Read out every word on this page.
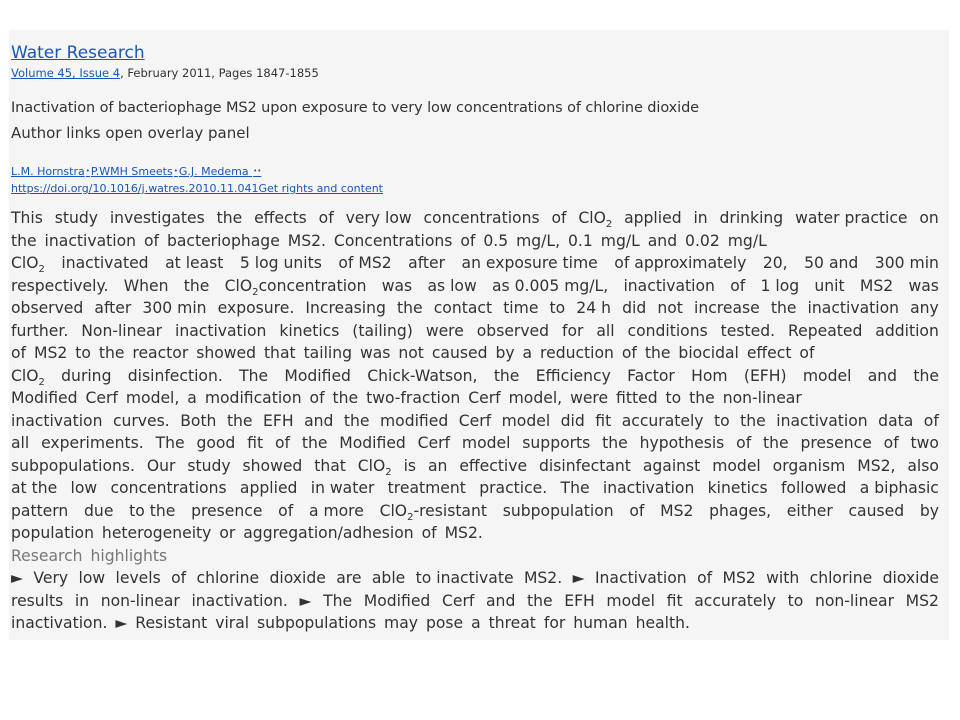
Water Research
Volume 45, Issue 4, February 2011, Pages 1847-1855
Inactivation of bacteriophage MS2 upon exposure to very low concentrations of chlorine dioxide
Author links open overlay panel
L.M. Hornstra•P.WMH Smeets•G.J. Medema ••
https://doi.org/10.1016/j.watres.2010.11.041Get rights and content
This study investigates the effects of very low concentrations of ClO$_2$ applied in drinking water practice on
the inactivation of bacteriophage MS2. Concentrations of 0.5 mg/L, 0.1 mg/L and 0.02 mg/L
ClO$_2$ inactivated at least 5 log units of MS2 after an exposure time of approximately 20, 50 and 300 min
respectively. When the ClO$_2$concentration was as low as 0.005 mg/L, inactivation of 1 log unit MS2 was
observed after 300 min exposure. Increasing the contact time to 24 h did not increase the inactivation any
further. Non-linear inactivation kinetics (tailing) were observed for all conditions tested. Repeated addition
of MS2 to the reactor showed that tailing was not caused by a reduction of the biocidal effect of
ClO$_2$ during disinfection. The Modified Chick-Watson, the Efficiency Factor Hom (EFH) model and the
Modified Cerf model, a modification of the two-fraction Cerf model, were fitted to the non-linear
inactivation curves. Both the EFH and the modified Cerf model did fit accurately to the inactivation data of
all experiments. The good fit of the Modified Cerf model supports the hypothesis of the presence of two
subpopulations. Our study showed that ClO$_2$ is an effective disinfectant against model organism MS2, also
at the low concentrations applied in water treatment practice. The inactivation kinetics followed a biphasic
pattern due to the presence of a more ClO$_2$-resistant subpopulation of MS2 phages, either caused by
population heterogeneity or aggregation/adhesion of MS2.
Research highlights
► Very low levels of chlorine dioxide are able to inactivate MS2. ► Inactivation of MS2 with chlorine dioxide
results in non-linear inactivation. ► The Modified Cerf and the EFH model fit accurately to non-linear MS2
inactivation. ► Resistant viral subpopulations may pose a threat for human health.
